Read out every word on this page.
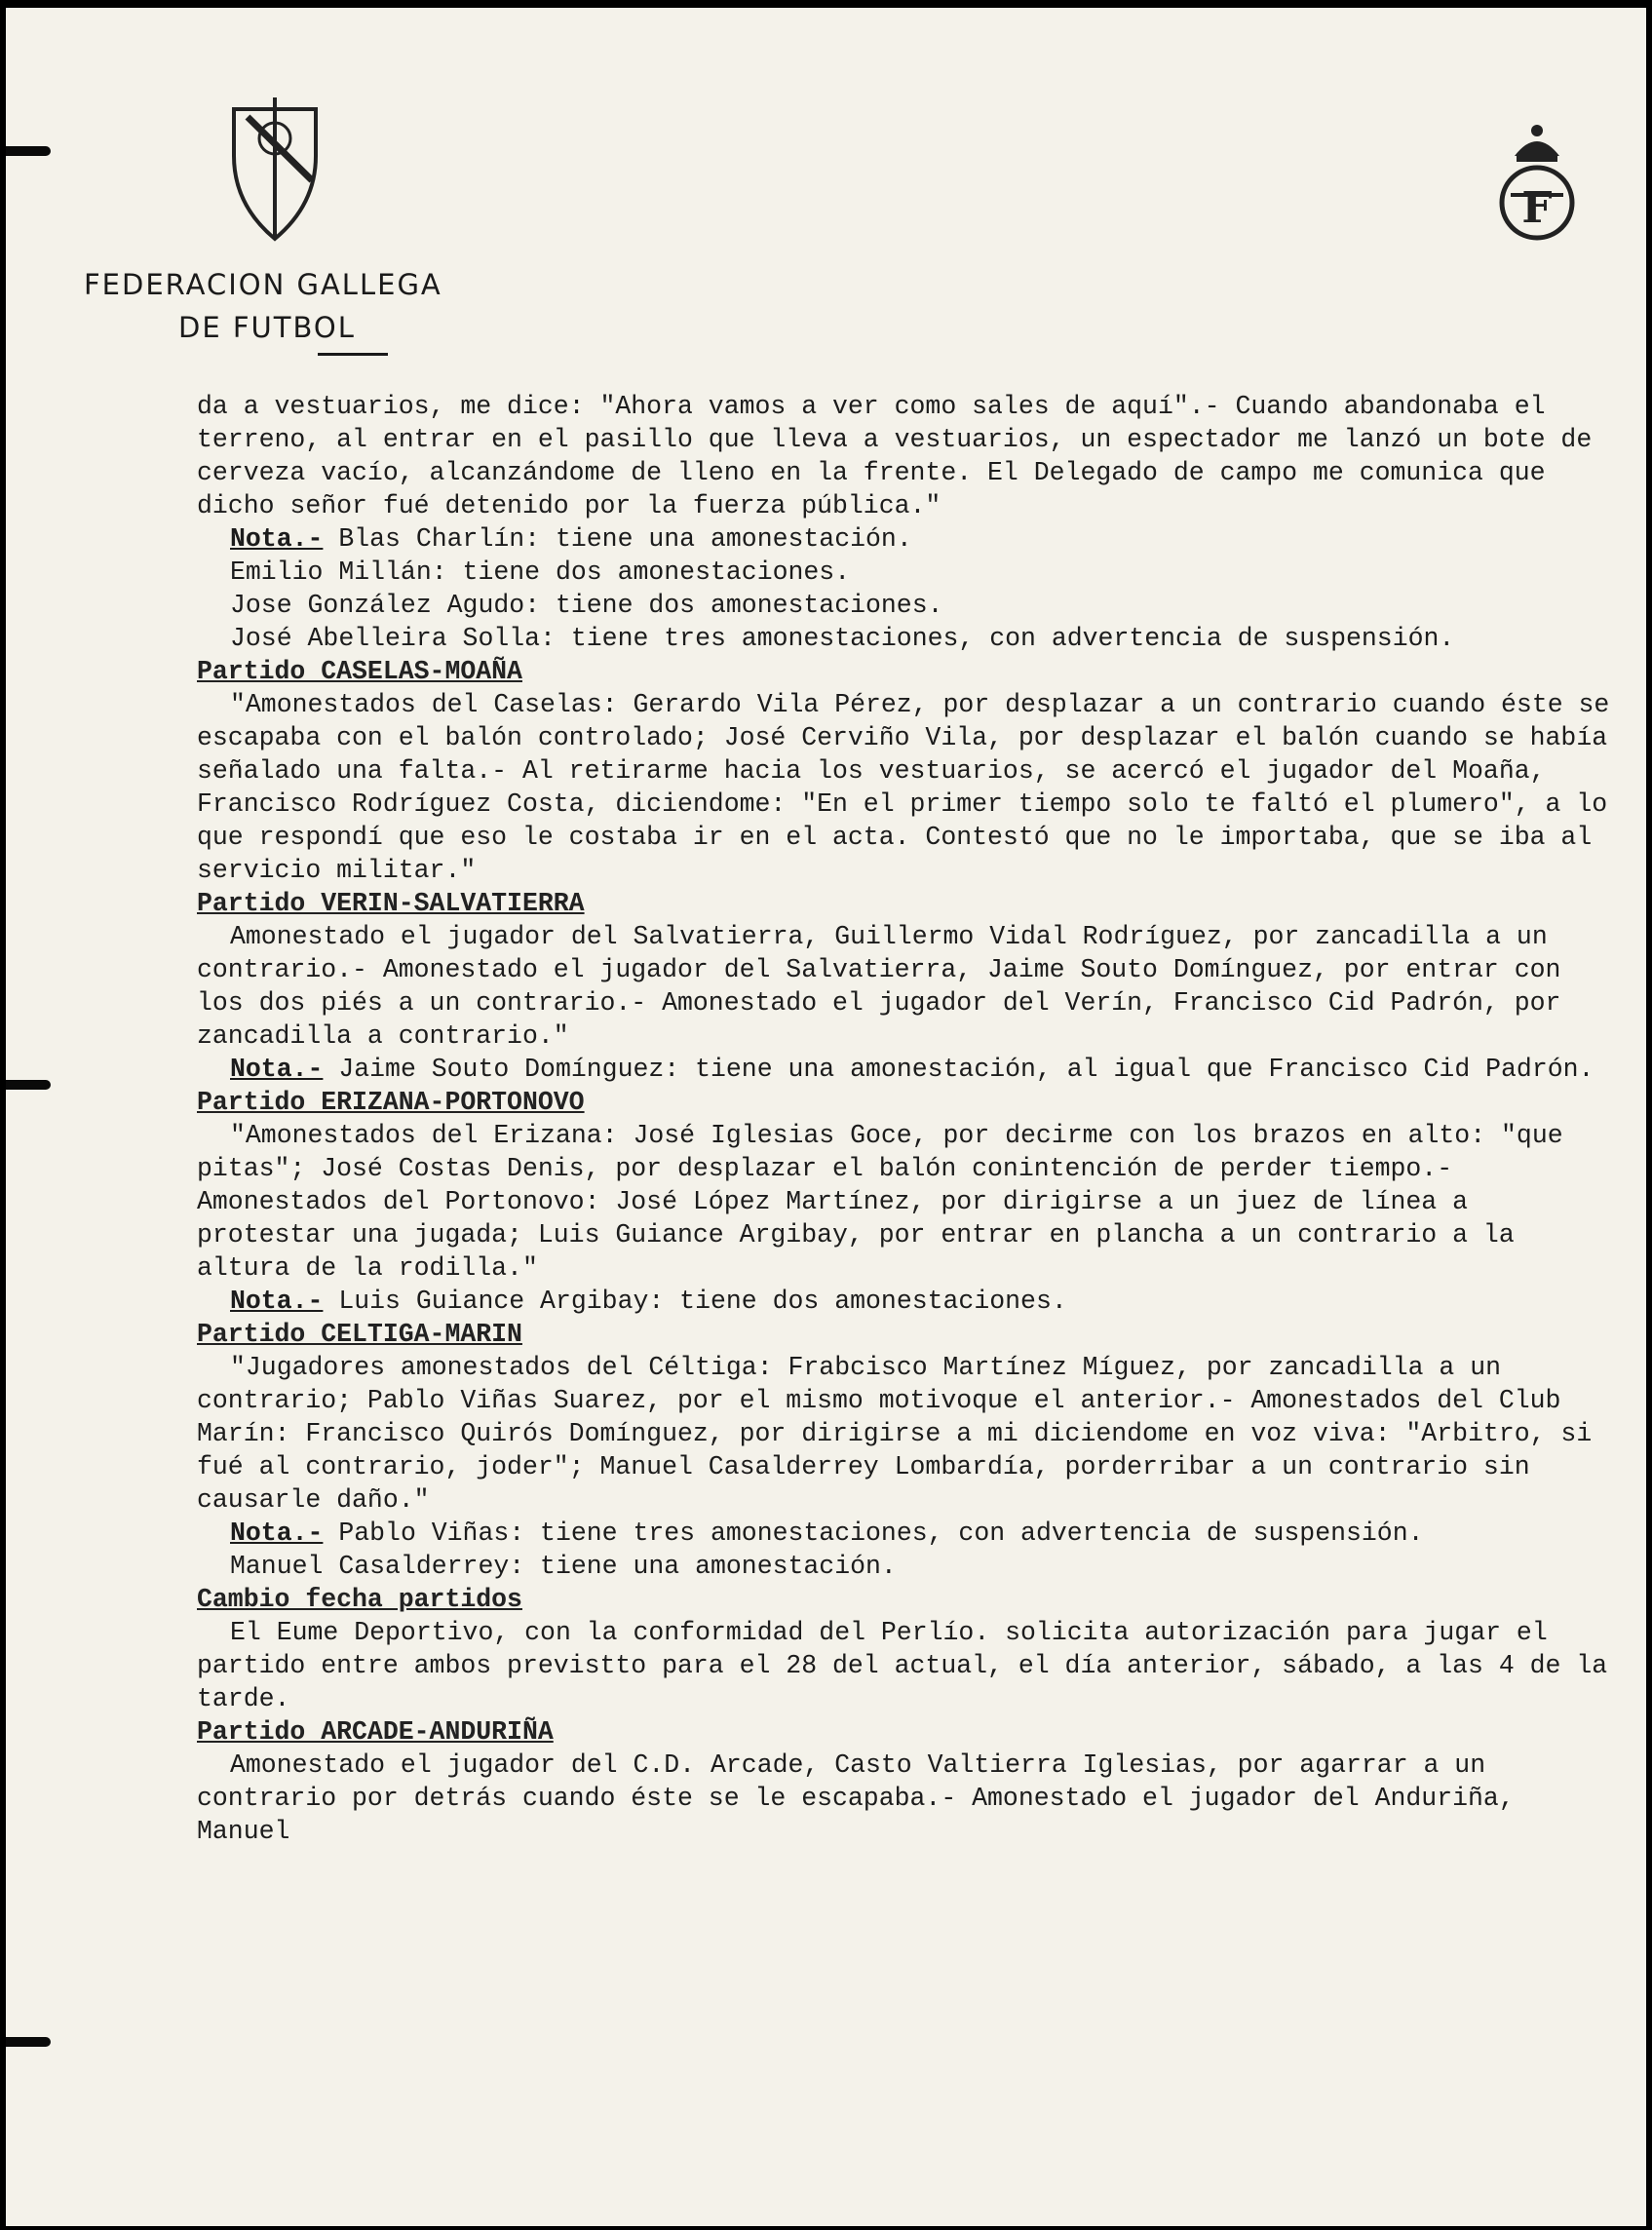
F
FEDERACION GALLEGA
DE FUTBOL

da a vestuarios, me dice: "Ahora vamos a ver como sales de aquí".- Cuando abandonaba el terreno, al entrar en el pasillo que lleva a vestuarios, un espectador me lanzó un bote de cerveza vacío, alcanzándome de lleno en la frente. El Delegado de campo me comunica que dicho señor fué detenido por la fuerza pública."

Nota.- Blas Charlín: tiene una amonestación.

Emilio Millán: tiene dos amonestaciones.

Jose González Agudo: tiene dos amonestaciones.

José Abelleira Solla: tiene tres amonestaciones, con advertencia de suspensión.

Partido CASELAS-MOAÑA

"Amonestados del Caselas: Gerardo Vila Pérez, por desplazar a un contrario cuando éste se escapaba con el balón controlado; José Cerviño Vila, por desplazar el balón cuando se había señalado una falta.- Al retirarme hacia los vestuarios, se acercó el jugador del Moaña, Francisco Rodríguez Costa, diciendome: "En el primer tiempo solo te faltó el plumero", a lo que respondí que eso le costaba ir en el acta. Contestó que no le importaba, que se iba al servicio militar."

Partido VERIN-SALVATIERRA

Amonestado el jugador del Salvatierra, Guillermo Vidal Rodríguez, por zancadilla a un contrario.- Amonestado el jugador del Salvatierra, Jaime Souto Domínguez, por entrar con los dos piés a un contrario.- Amonestado el jugador del Verín, Francisco Cid Padrón, por zancadilla a contrario."

Nota.- Jaime Souto Domínguez: tiene una amonestación, al igual que Francisco Cid Padrón.

Partido ERIZANA-PORTONOVO

"Amonestados del Erizana: José Iglesias Goce, por decirme con los brazos en alto: "que pitas"; José Costas Denis, por desplazar el balón conintención de perder tiempo.- Amonestados del Portonovo: José López Martínez, por dirigirse a un juez de línea a protestar una jugada; Luis Guiance Argibay, por entrar en plancha a un contrario a la altura de la rodilla."

Nota.- Luis Guiance Argibay: tiene dos amonestaciones.

Partido CELTIGA-MARIN

"Jugadores amonestados del Céltiga: Frabcisco Martínez Míguez, por zancadilla a un contrario; Pablo Viñas Suarez, por el mismo motivoque el anterior.- Amonestados del Club Marín: Francisco Quirós Domínguez, por dirigirse a mi diciendome en voz viva: "Arbitro, si fué al contrario, joder"; Manuel Casalderrey Lombardía, porderribar a un contrario sin causarle daño."

Nota.- Pablo Viñas: tiene tres amonestaciones, con advertencia de suspensión.

Manuel Casalderrey: tiene una amonestación.

Cambio fecha partidos

El Eume Deportivo, con la conformidad del Perlío. solicita autorización para jugar el partido entre ambos previstto para el 28 del actual, el día anterior, sábado, a las 4 de la tarde.

Partido ARCADE-ANDURIÑA

Amonestado el jugador del C.D. Arcade, Casto Valtierra Iglesias, por agarrar a un contrario por detrás cuando éste se le escapaba.- Amonestado el jugador del Anduriña, Manuel
